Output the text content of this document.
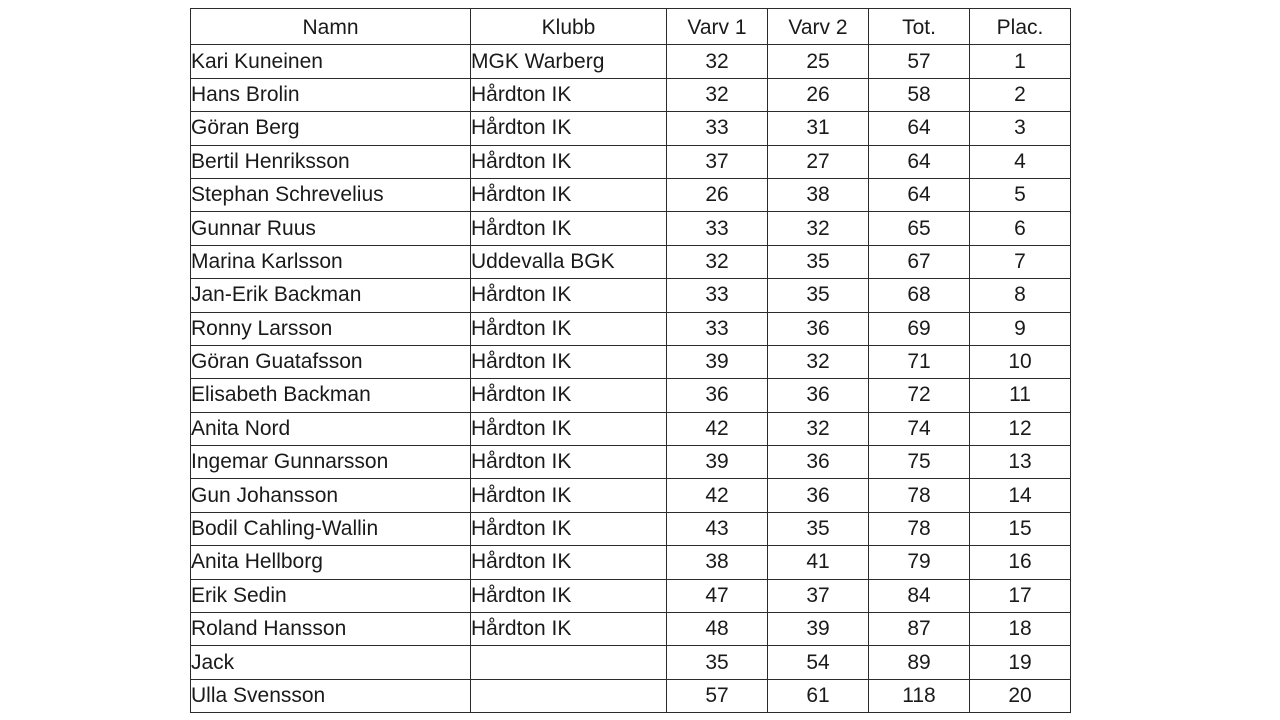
Namn	Klubb	Varv 1	Varv 2	Tot.	Plac.
Kari Kuneinen	MGK Warberg	32	25	57	1
Hans Brolin	Hårdton IK	32	26	58	2
Göran Berg	Hårdton IK	33	31	64	3
Bertil Henriksson	Hårdton IK	37	27	64	4
Stephan Schrevelius	Hårdton IK	26	38	64	5
Gunnar Ruus	Hårdton IK	33	32	65	6
Marina Karlsson	Uddevalla BGK	32	35	67	7
Jan-Erik Backman	Hårdton IK	33	35	68	8
Ronny Larsson	Hårdton IK	33	36	69	9
Göran Guatafsson	Hårdton IK	39	32	71	10
Elisabeth Backman	Hårdton IK	36	36	72	11
Anita Nord	Hårdton IK	42	32	74	12
Ingemar Gunnarsson	Hårdton IK	39	36	75	13
Gun Johansson	Hårdton IK	42	36	78	14
Bodil Cahling-Wallin	Hårdton IK	43	35	78	15
Anita Hellborg	Hårdton IK	38	41	79	16
Erik Sedin	Hårdton IK	47	37	84	17
Roland Hansson	Hårdton IK	48	39	87	18
Jack		35	54	89	19
Ulla Svensson		57	61	118	20
